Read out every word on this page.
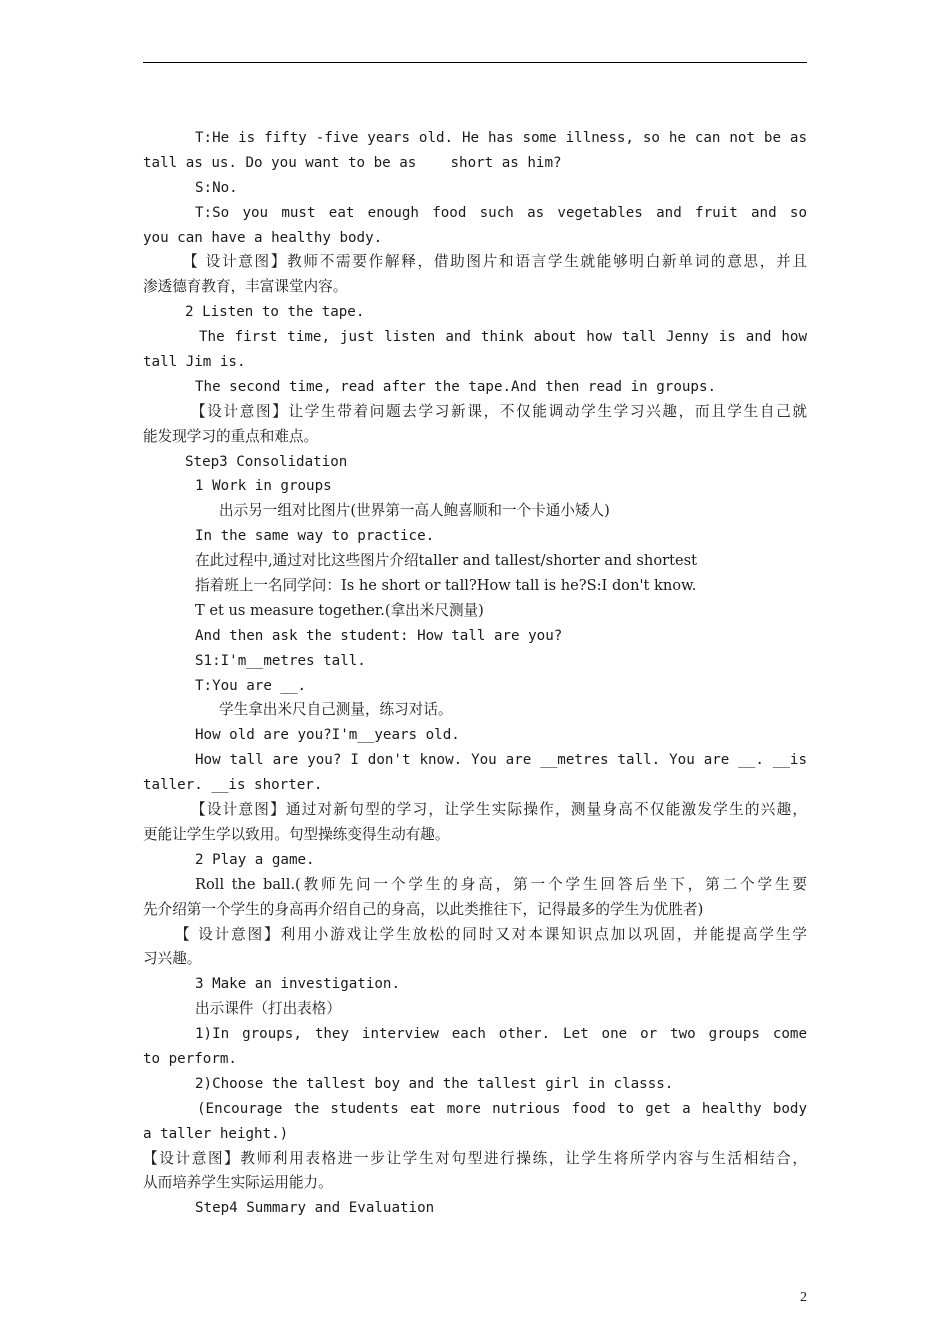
T:He is fifty -five years old. He has some illness, so he can not be as
tall as us. Do you want to be as    short as him?
S:No.
T:So you must eat enough food such as vegetables and fruit and so
you can have a healthy body.
【 设计意图】教师不需要作解释，借助图片和语言学生就能够明白新单词的意思，并且
渗透德育教育，丰富课堂内容。
2 Listen to the tape.
The first time, just listen and think about how tall Jenny is and how
tall Jim is.
The second time, read after the tape.And then read in groups.
【设计意图】让学生带着问题去学习新课，不仅能调动学生学习兴趣，而且学生自己就
能发现学习的重点和难点。
Step3 Consolidation
1 Work in groups
出示另一组对比图片(世界第一高人鲍喜顺和一个卡通小矮人)
In the same way to practice.
在此过程中,通过对比这些图片介绍taller and tallest/shorter and shortest
指着班上一名同学问：Is he short or tall?How tall is he?S:I don't know.
T et us measure together.(拿出米尺测量)
And then ask the student: How tall are you?
S1:I'm__metres tall.
T:You are __.
学生拿出米尺自己测量，练习对话。
How old are you?I'm__years old.
How tall are you? I don't know. You are __metres tall. You are __. __is
taller. __is shorter.
【设计意图】通过对新句型的学习，让学生实际操作，测量身高不仅能激发学生的兴趣，
更能让学生学以致用。句型操练变得生动有趣。
2 Play a game.
Roll the ball.(教师先问一个学生的身高，第一个学生回答后坐下，第二个学生要
先介绍第一个学生的身高再介绍自己的身高，以此类推往下，记得最多的学生为优胜者)
【 设计意图】利用小游戏让学生放松的同时又对本课知识点加以巩固，并能提高学生学
习兴趣。
3 Make an investigation.
出示课件（打出表格）
1)In groups, they interview each other. Let one or two groups come
to perform.
2)Choose the tallest boy and the tallest girl in classs.
(Encourage the students eat more nutrious food to get a healthy body
a taller height.)
【设计意图】教师利用表格进一步让学生对句型进行操练，让学生将所学内容与生活相结合，
从而培养学生实际运用能力。
Step4 Summary and Evaluation
2
